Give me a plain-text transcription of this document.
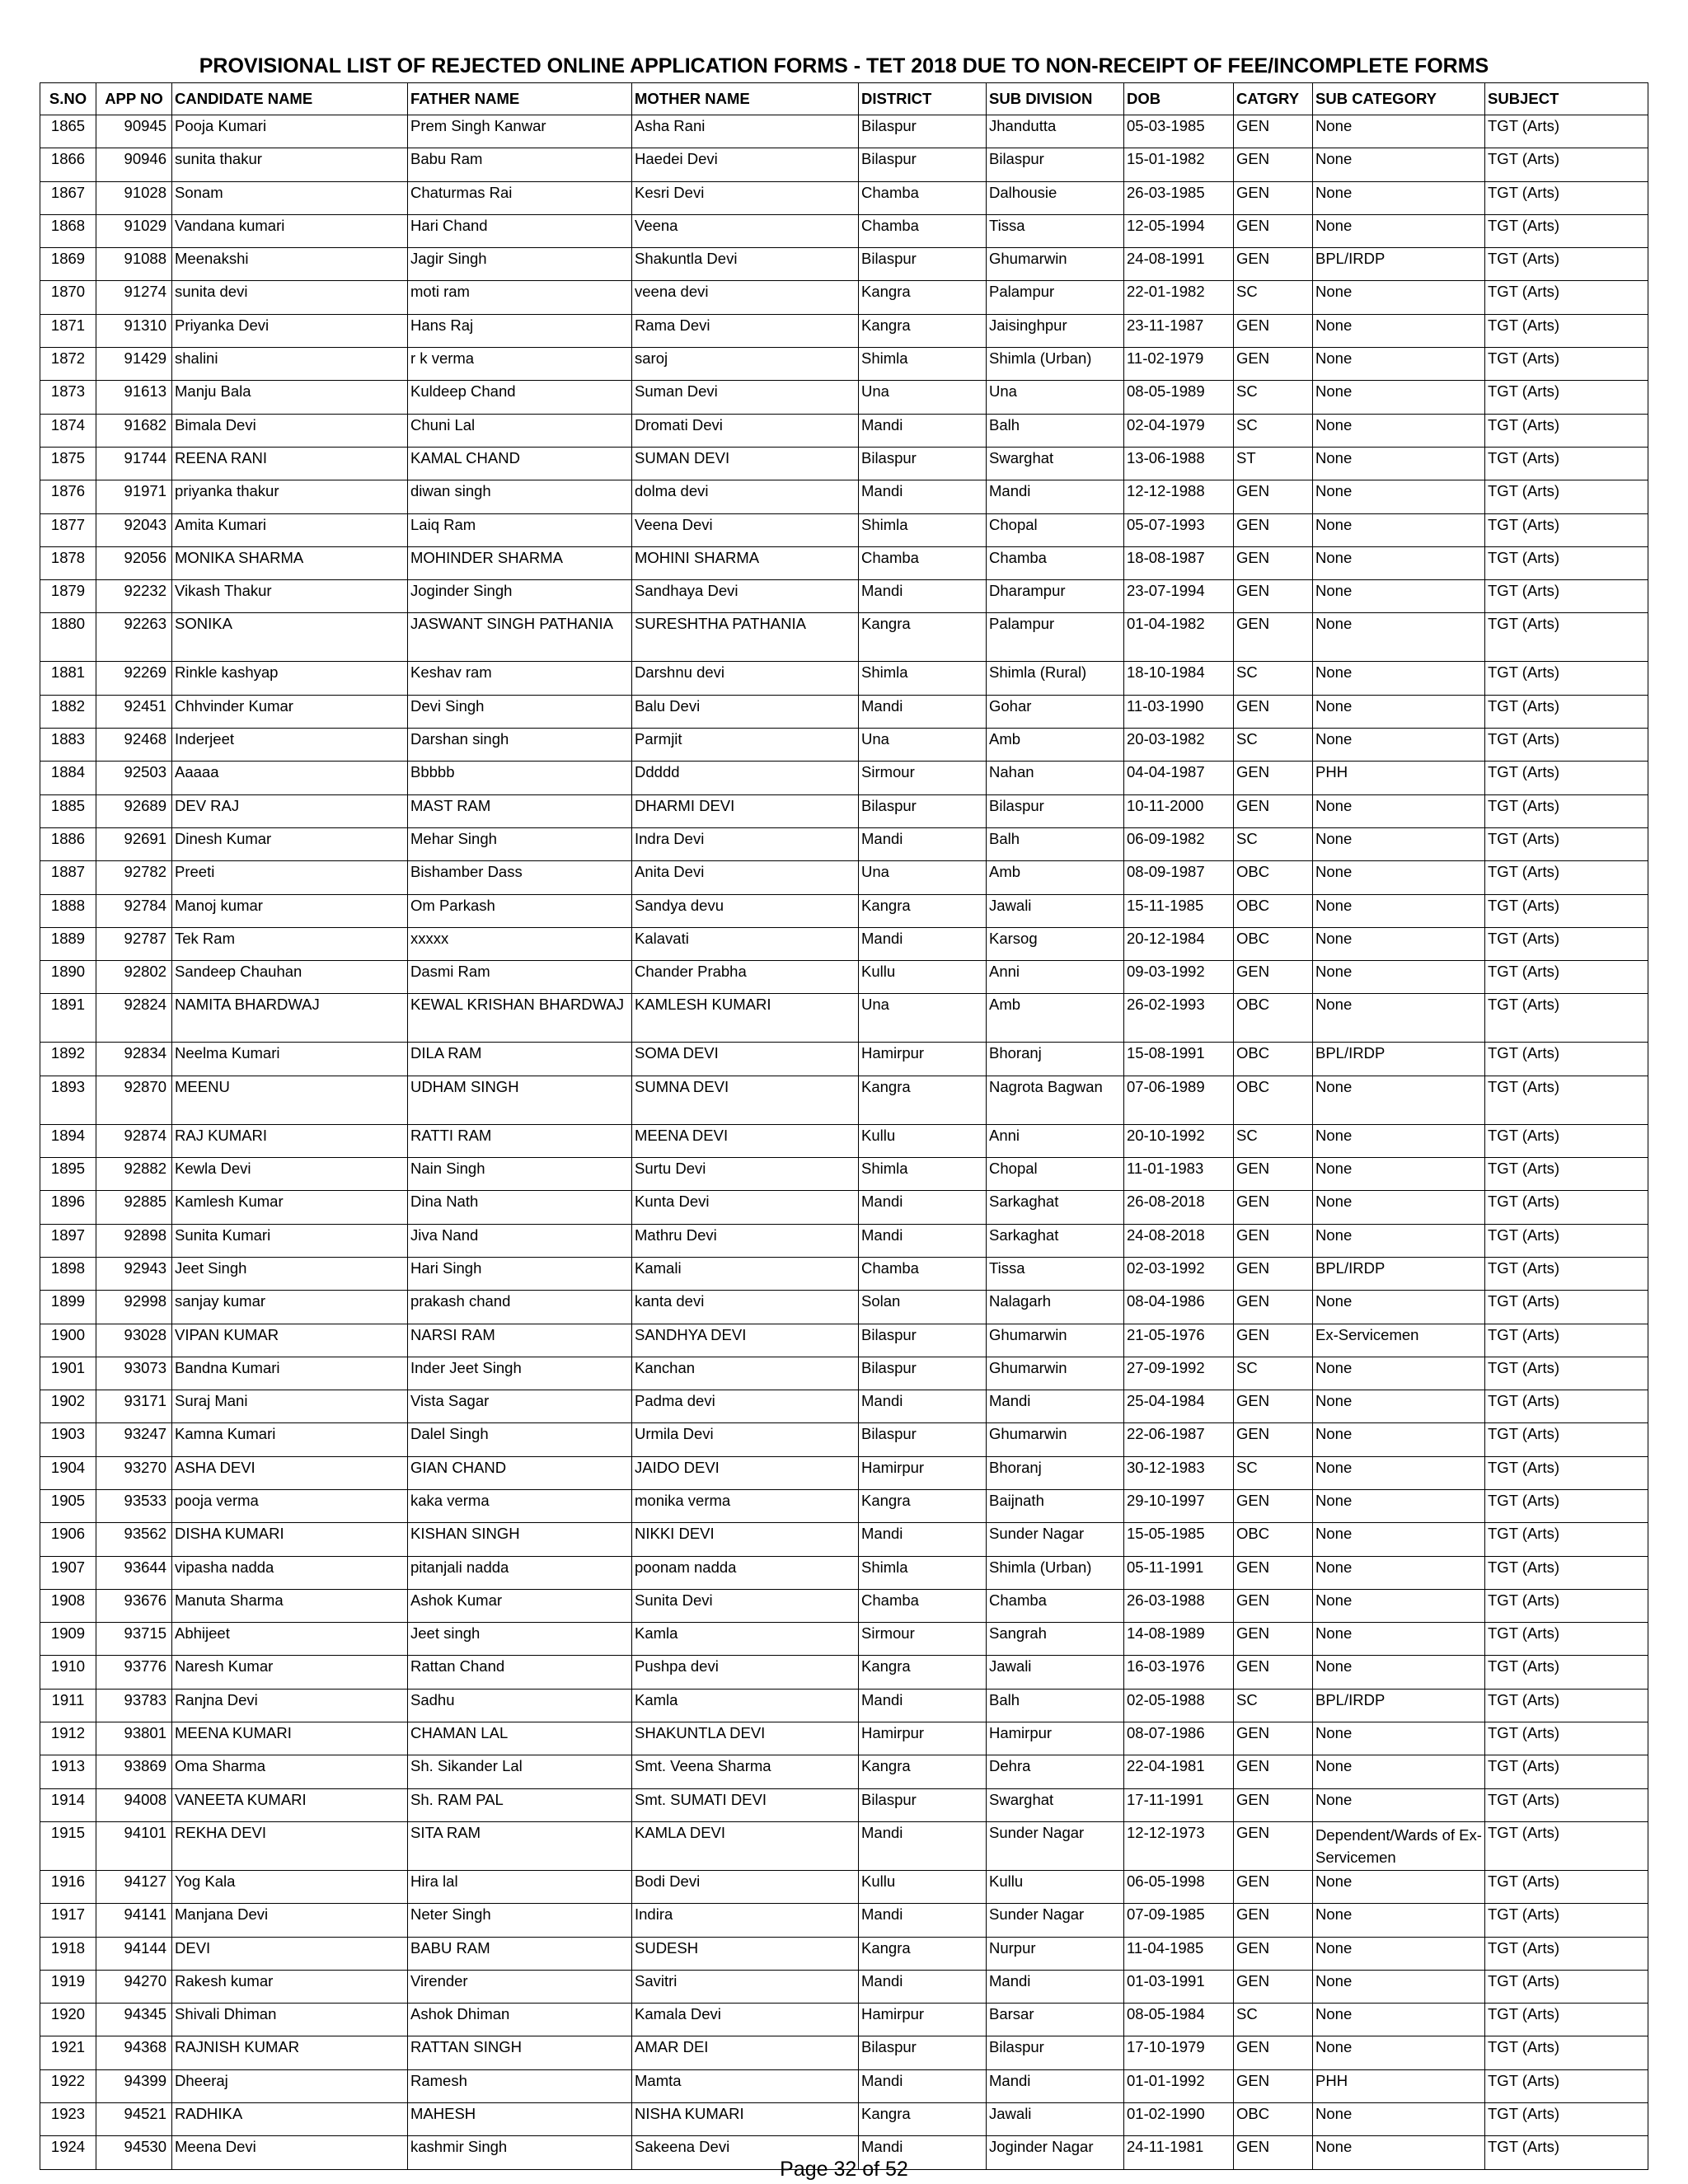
PROVISIONAL LIST OF REJECTED ONLINE APPLICATION FORMS - TET 2018 DUE TO NON-RECEIPT OF FEE/INCOMPLETE FORMS
S.NO	APP NO	CANDIDATE NAME	FATHER NAME	MOTHER NAME	DISTRICT	SUB DIVISION	DOB	CATGRY	SUB CATEGORY	SUBJECT
1865	90945	Pooja Kumari	Prem Singh Kanwar	Asha Rani	Bilaspur	Jhandutta	05-03-1985	GEN	None	TGT (Arts)
1866	90946	sunita thakur	Babu Ram	Haedei Devi	Bilaspur	Bilaspur	15-01-1982	GEN	None	TGT (Arts)
1867	91028	Sonam	Chaturmas Rai	Kesri Devi	Chamba	Dalhousie	26-03-1985	GEN	None	TGT (Arts)
1868	91029	Vandana kumari	Hari Chand	Veena	Chamba	Tissa	12-05-1994	GEN	None	TGT (Arts)
1869	91088	Meenakshi	Jagir Singh	Shakuntla Devi	Bilaspur	Ghumarwin	24-08-1991	GEN	BPL/IRDP	TGT (Arts)
1870	91274	sunita devi	moti ram	veena devi	Kangra	Palampur	22-01-1982	SC	None	TGT (Arts)
1871	91310	Priyanka Devi	Hans Raj	Rama Devi	Kangra	Jaisinghpur	23-11-1987	GEN	None	TGT (Arts)
1872	91429	shalini	r k verma	saroj	Shimla	Shimla (Urban)	11-02-1979	GEN	None	TGT (Arts)
1873	91613	Manju Bala	Kuldeep Chand	Suman Devi	Una	Una	08-05-1989	SC	None	TGT (Arts)
1874	91682	Bimala Devi	Chuni Lal	Dromati Devi	Mandi	Balh	02-04-1979	SC	None	TGT (Arts)
1875	91744	REENA RANI	KAMAL CHAND	SUMAN DEVI	Bilaspur	Swarghat	13-06-1988	ST	None	TGT (Arts)
1876	91971	priyanka thakur	diwan singh	dolma devi	Mandi	Mandi	12-12-1988	GEN	None	TGT (Arts)
1877	92043	Amita Kumari	Laiq Ram	Veena Devi	Shimla	Chopal	05-07-1993	GEN	None	TGT (Arts)
1878	92056	MONIKA SHARMA	MOHINDER SHARMA	MOHINI SHARMA	Chamba	Chamba	18-08-1987	GEN	None	TGT (Arts)
1879	92232	Vikash Thakur	Joginder Singh	Sandhaya Devi	Mandi	Dharampur	23-07-1994	GEN	None	TGT (Arts)
1880	92263	SONIKA	JASWANT SINGH PATHANIA	SURESHTHA PATHANIA	Kangra	Palampur	01-04-1982	GEN	None	TGT (Arts)
1881	92269	Rinkle kashyap	Keshav ram	Darshnu devi	Shimla	Shimla (Rural)	18-10-1984	SC	None	TGT (Arts)
1882	92451	Chhvinder Kumar	Devi Singh	Balu Devi	Mandi	Gohar	11-03-1990	GEN	None	TGT (Arts)
1883	92468	Inderjeet	Darshan singh	Parmjit	Una	Amb	20-03-1982	SC	None	TGT (Arts)
1884	92503	Aaaaa	Bbbbb	Ddddd	Sirmour	Nahan	04-04-1987	GEN	PHH	TGT (Arts)
1885	92689	DEV RAJ	MAST RAM	DHARMI DEVI	Bilaspur	Bilaspur	10-11-2000	GEN	None	TGT (Arts)
1886	92691	Dinesh Kumar	Mehar Singh	Indra Devi	Mandi	Balh	06-09-1982	SC	None	TGT (Arts)
1887	92782	Preeti	Bishamber Dass	Anita Devi	Una	Amb	08-09-1987	OBC	None	TGT (Arts)
1888	92784	Manoj kumar	Om Parkash	Sandya devu	Kangra	Jawali	15-11-1985	OBC	None	TGT (Arts)
1889	92787	Tek Ram	xxxxx	Kalavati	Mandi	Karsog	20-12-1984	OBC	None	TGT (Arts)
1890	92802	Sandeep Chauhan	Dasmi Ram	Chander Prabha	Kullu	Anni	09-03-1992	GEN	None	TGT (Arts)
1891	92824	NAMITA BHARDWAJ	KEWAL KRISHAN BHARDWAJ	KAMLESH KUMARI	Una	Amb	26-02-1993	OBC	None	TGT (Arts)
1892	92834	Neelma Kumari	DILA RAM	SOMA DEVI	Hamirpur	Bhoranj	15-08-1991	OBC	BPL/IRDP	TGT (Arts)
1893	92870	MEENU	UDHAM SINGH	SUMNA DEVI	Kangra	Nagrota Bagwan	07-06-1989	OBC	None	TGT (Arts)
1894	92874	RAJ KUMARI	RATTI RAM	MEENA DEVI	Kullu	Anni	20-10-1992	SC	None	TGT (Arts)
1895	92882	Kewla Devi	Nain Singh	Surtu Devi	Shimla	Chopal	11-01-1983	GEN	None	TGT (Arts)
1896	92885	Kamlesh Kumar	Dina Nath	Kunta Devi	Mandi	Sarkaghat	26-08-2018	GEN	None	TGT (Arts)
1897	92898	Sunita Kumari	Jiva Nand	Mathru Devi	Mandi	Sarkaghat	24-08-2018	GEN	None	TGT (Arts)
1898	92943	Jeet Singh	Hari Singh	Kamali	Chamba	Tissa	02-03-1992	GEN	BPL/IRDP	TGT (Arts)
1899	92998	sanjay kumar	prakash chand	kanta devi	Solan	Nalagarh	08-04-1986	GEN	None	TGT (Arts)
1900	93028	VIPAN KUMAR	NARSI RAM	SANDHYA DEVI	Bilaspur	Ghumarwin	21-05-1976	GEN	Ex-Servicemen	TGT (Arts)
1901	93073	Bandna Kumari	Inder Jeet Singh	Kanchan	Bilaspur	Ghumarwin	27-09-1992	SC	None	TGT (Arts)
1902	93171	Suraj Mani	Vista Sagar	Padma devi	Mandi	Mandi	25-04-1984	GEN	None	TGT (Arts)
1903	93247	Kamna Kumari	Dalel Singh	Urmila Devi	Bilaspur	Ghumarwin	22-06-1987	GEN	None	TGT (Arts)
1904	93270	ASHA DEVI	GIAN CHAND	JAIDO DEVI	Hamirpur	Bhoranj	30-12-1983	SC	None	TGT (Arts)
1905	93533	pooja verma	kaka verma	monika verma	Kangra	Baijnath	29-10-1997	GEN	None	TGT (Arts)
1906	93562	DISHA KUMARI	KISHAN SINGH	NIKKI DEVI	Mandi	Sunder Nagar	15-05-1985	OBC	None	TGT (Arts)
1907	93644	vipasha nadda	pitanjali nadda	poonam nadda	Shimla	Shimla (Urban)	05-11-1991	GEN	None	TGT (Arts)
1908	93676	Manuta Sharma	Ashok Kumar	Sunita Devi	Chamba	Chamba	26-03-1988	GEN	None	TGT (Arts)
1909	93715	Abhijeet	Jeet singh	Kamla	Sirmour	Sangrah	14-08-1989	GEN	None	TGT (Arts)
1910	93776	Naresh Kumar	Rattan Chand	Pushpa devi	Kangra	Jawali	16-03-1976	GEN	None	TGT (Arts)
1911	93783	Ranjna Devi	Sadhu	Kamla	Mandi	Balh	02-05-1988	SC	BPL/IRDP	TGT (Arts)
1912	93801	MEENA KUMARI	CHAMAN LAL	SHAKUNTLA DEVI	Hamirpur	Hamirpur	08-07-1986	GEN	None	TGT (Arts)
1913	93869	Oma Sharma	Sh. Sikander Lal	Smt. Veena Sharma	Kangra	Dehra	22-04-1981	GEN	None	TGT (Arts)
1914	94008	VANEETA KUMARI	Sh. RAM PAL	Smt. SUMATI DEVI	Bilaspur	Swarghat	17-11-1991	GEN	None	TGT (Arts)
1915	94101	REKHA DEVI	SITA RAM	KAMLA DEVI	Mandi	Sunder Nagar	12-12-1973	GEN	Dependent/Wards of Ex-Servicemen	TGT (Arts)
1916	94127	Yog Kala	Hira lal	Bodi Devi	Kullu	Kullu	06-05-1998	GEN	None	TGT (Arts)
1917	94141	Manjana Devi	Neter Singh	Indira	Mandi	Sunder Nagar	07-09-1985	GEN	None	TGT (Arts)
1918	94144	DEVI	BABU RAM	SUDESH	Kangra	Nurpur	11-04-1985	GEN	None	TGT (Arts)
1919	94270	Rakesh kumar	Virender	Savitri	Mandi	Mandi	01-03-1991	GEN	None	TGT (Arts)
1920	94345	Shivali Dhiman	Ashok Dhiman	Kamala Devi	Hamirpur	Barsar	08-05-1984	SC	None	TGT (Arts)
1921	94368	RAJNISH KUMAR	RATTAN SINGH	AMAR DEI	Bilaspur	Bilaspur	17-10-1979	GEN	None	TGT (Arts)
1922	94399	Dheeraj	Ramesh	Mamta	Mandi	Mandi	01-01-1992	GEN	PHH	TGT (Arts)
1923	94521	RADHIKA	MAHESH	NISHA KUMARI	Kangra	Jawali	01-02-1990	OBC	None	TGT (Arts)
1924	94530	Meena Devi	kashmir Singh	Sakeena Devi	Mandi	Joginder Nagar	24-11-1981	GEN	None	TGT (Arts)
Page 32 of 52
